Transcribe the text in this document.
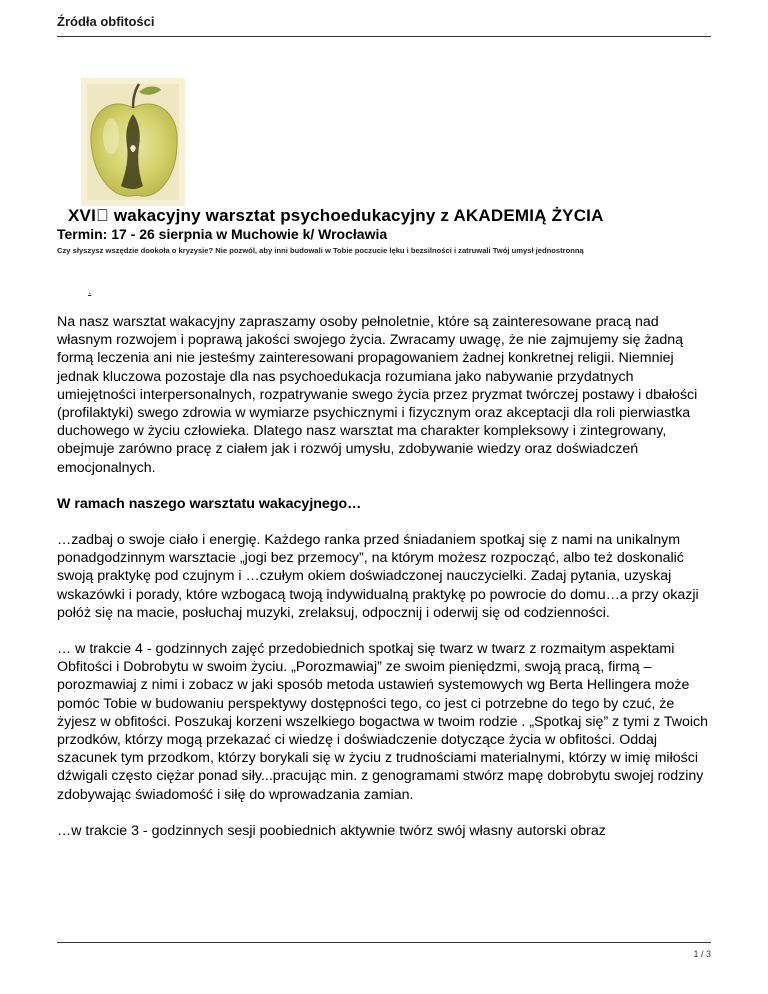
Źródła obfitości
XVI  wakacyjny warsztat psychoedukacyjny z AKADEMIĄ ŻYCIA
Termin: 17 - 26 sierpnia w Muchowie k/ Wrocławia
Czy słyszysz wszędzie dookoła o kryzysie? Nie pozwól, aby inni budowali w Tobie poczucie lęku i bezsilności i zatruwali Twój umysł jednostronną
.

Na nasz warsztat wakacyjny zapraszamy osoby pełnoletnie, które są zainteresowane pracą nad własnym rozwojem i poprawą jakości swojego życia. Zwracamy uwagę, że nie zajmujemy się żadną formą leczenia ani nie jesteśmy zainteresowani propagowaniem żadnej konkretnej religii. Niemniej jednak kluczowa pozostaje dla nas psychoedukacja rozumiana jako nabywanie przydatnych umiejętności interpersonalnych, rozpatrywanie swego życia przez pryzmat twórczej postawy i dbałości (profilaktyki) swego zdrowia w wymiarze psychicznymi i fizycznym oraz akceptacji dla roli pierwiastka duchowego w życiu człowieka. Dlatego nasz warsztat ma charakter kompleksowy i zintegrowany, obejmuje zarówno pracę z ciałem jak i rozwój umysłu, zdobywanie wiedzy oraz doświadczeń emocjonalnych.

W ramach naszego warsztatu wakacyjnego…

…zadbaj o swoje ciało i energię. Każdego ranka przed śniadaniem spotkaj się z nami na unikalnym ponadgodzinnym warsztacie „jogi bez przemocy”, na którym możesz rozpocząć, albo też doskonalić swoją praktykę pod czujnym i …czułym okiem doświadczonej nauczycielki. Zadaj pytania, uzyskaj wskazówki i porady, które wzbogacą twoją indywidualną praktykę po powrocie do domu…a przy okazji połóż się na macie, posłuchaj muzyki, zrelaksuj, odpocznij i oderwij się od codzienności.

… w trakcie 4 - godzinnych zajęć przedobiednich spotkaj się twarz w twarz z rozmaitym aspektami Obfitości i Dobrobytu w swoim życiu. „Porozmawiaj” ze swoim pieniędzmi, swoją pracą, firmą – porozmawiaj z nimi i zobacz w jaki sposób metoda ustawień systemowych wg Berta Hellingera może pomóc Tobie w budowaniu perspektywy dostępności tego, co jest ci potrzebne do tego by czuć, że żyjesz w obfitości. Poszukaj korzeni wszelkiego bogactwa w twoim rodzie . „Spotkaj się” z tymi z Twoich przodków, którzy mogą przekazać ci wiedzę i doświadczenie dotyczące życia w obfitości. Oddaj szacunek tym przodkom, którzy borykali się w życiu z trudnościami materialnymi, którzy w imię miłości dźwigali często ciężar ponad siły...pracując min. z genogramami stwórz mapę dobrobytu swojej rodziny zdobywając świadomość i siłę do wprowadzania zamian.

…w trakcie 3 - godzinnych sesji poobiednich aktywnie twórz swój własny autorski obraz

1 / 3
